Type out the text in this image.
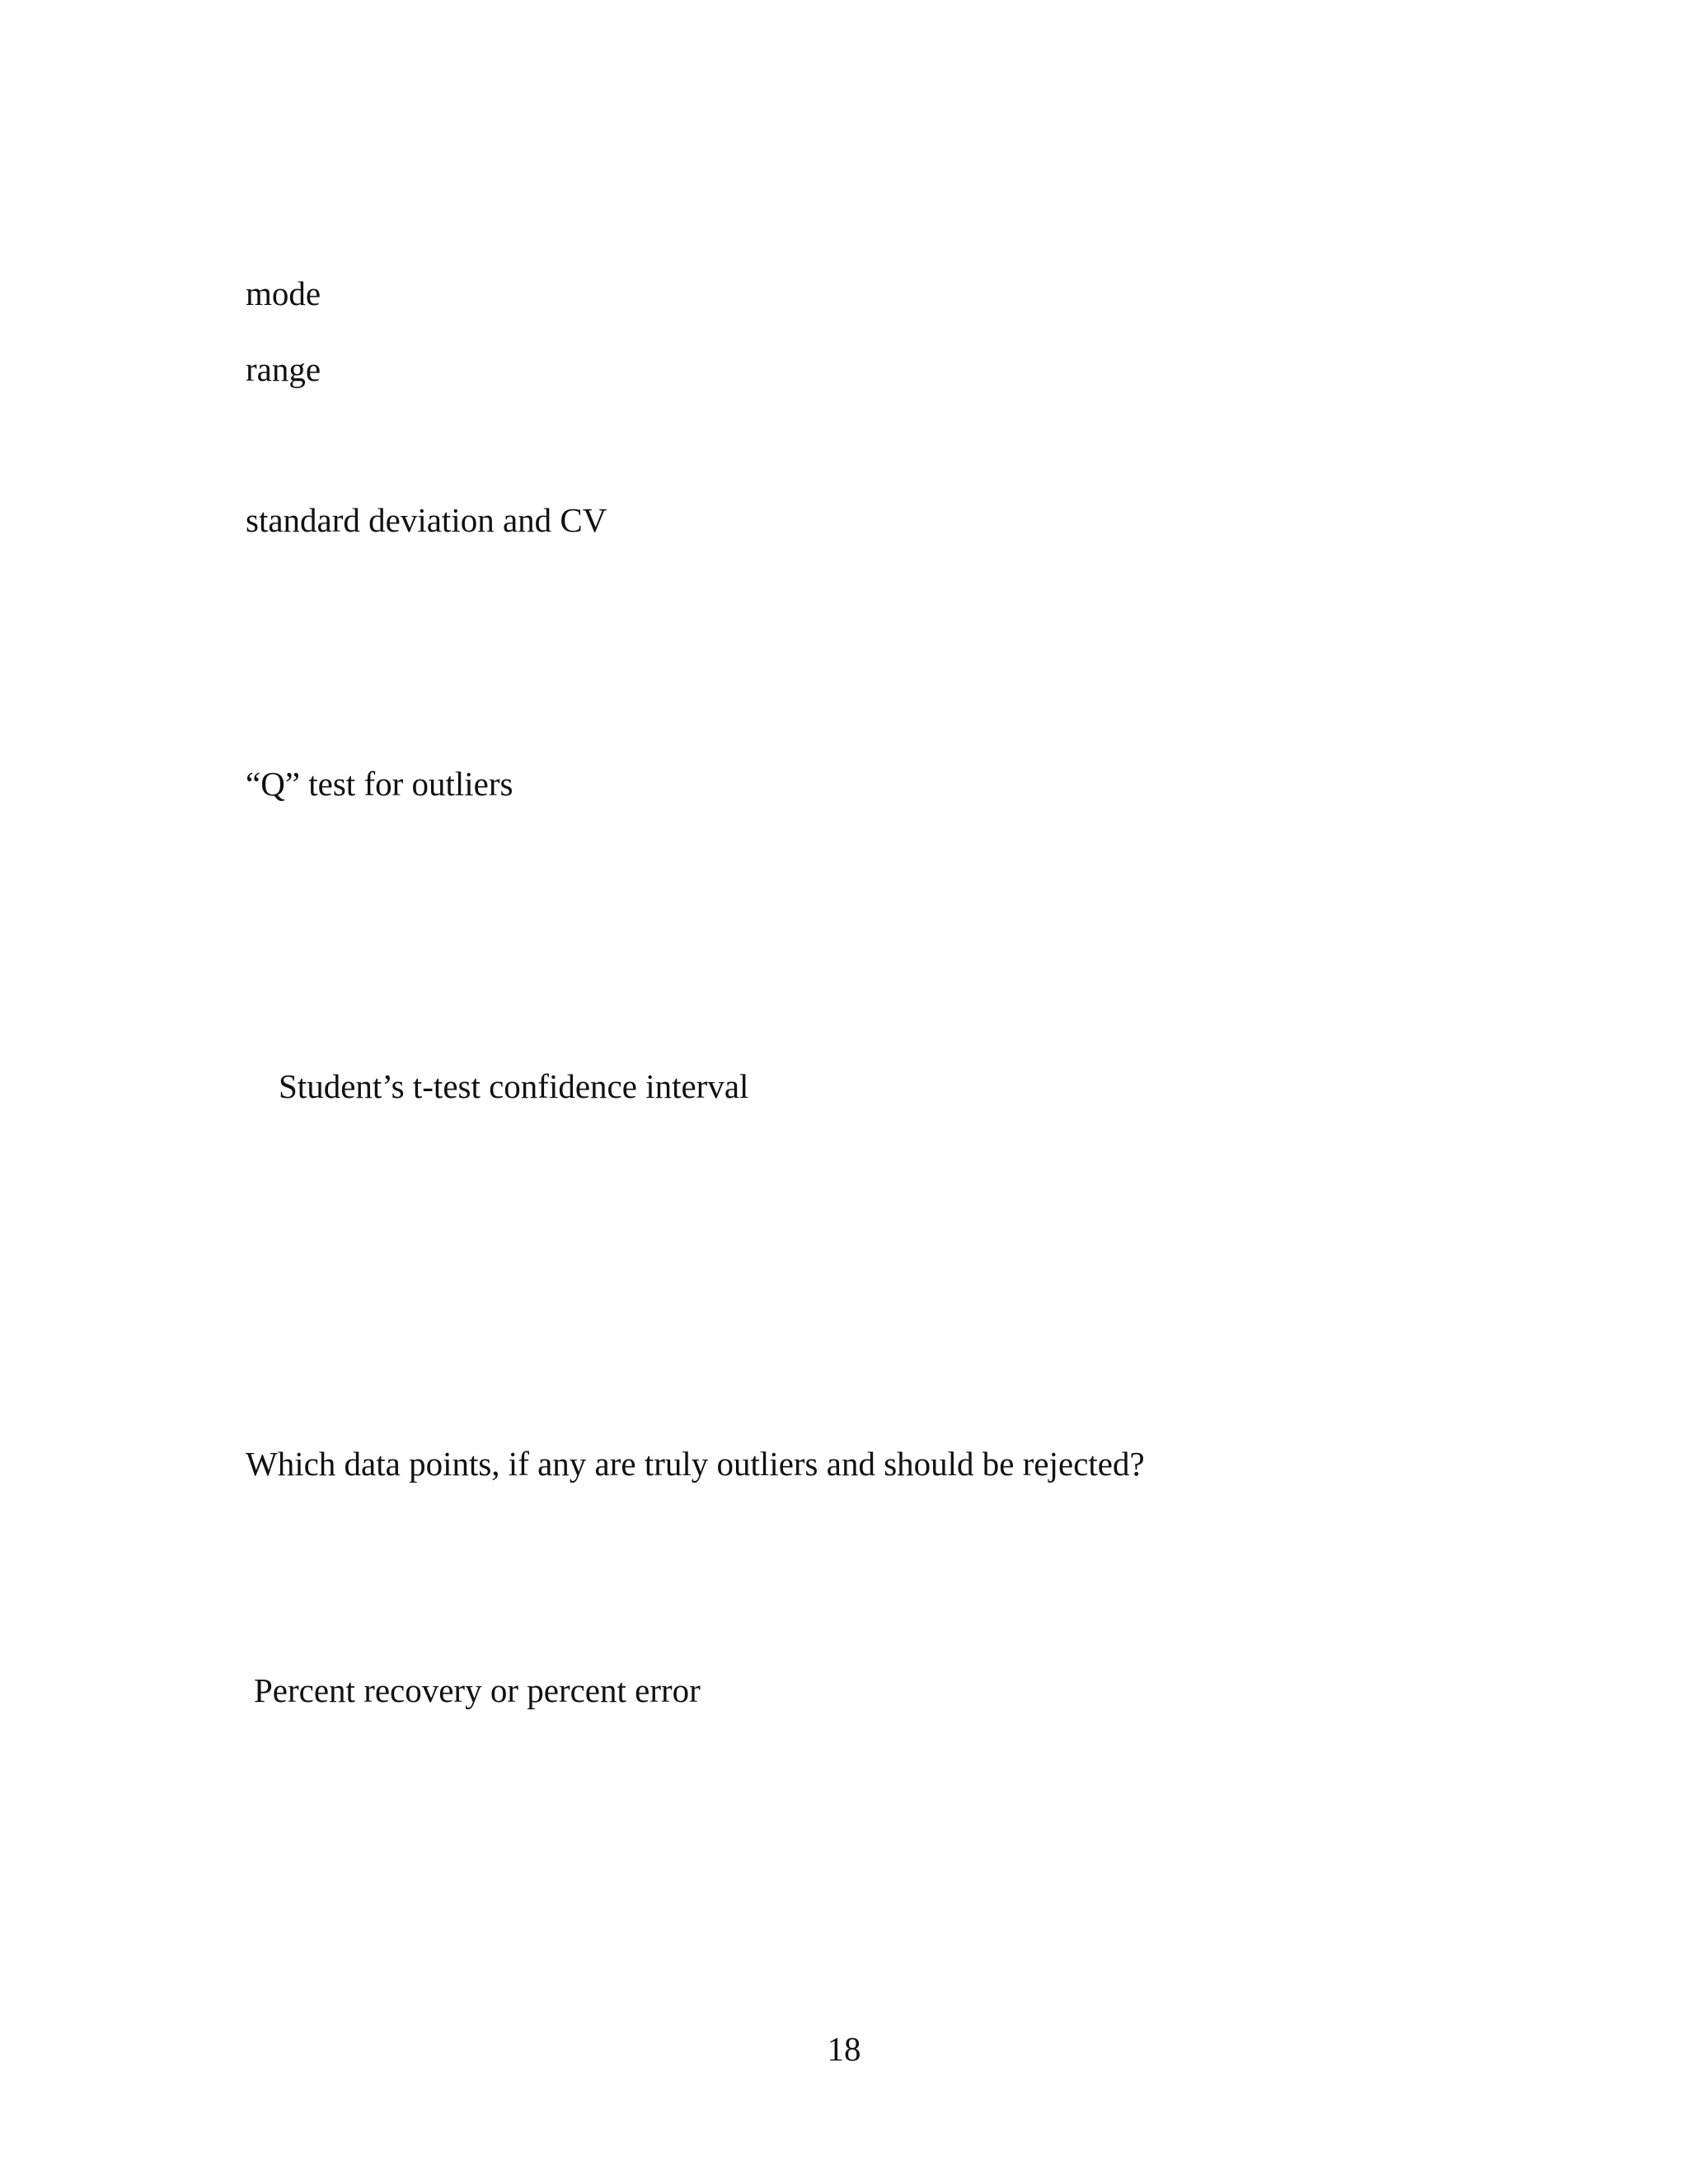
mode
range
standard deviation and CV
“Q” test for outliers
Student’s t-test confidence interval
Which data points, if any are truly outliers and should be rejected?
Percent recovery or percent error
18
